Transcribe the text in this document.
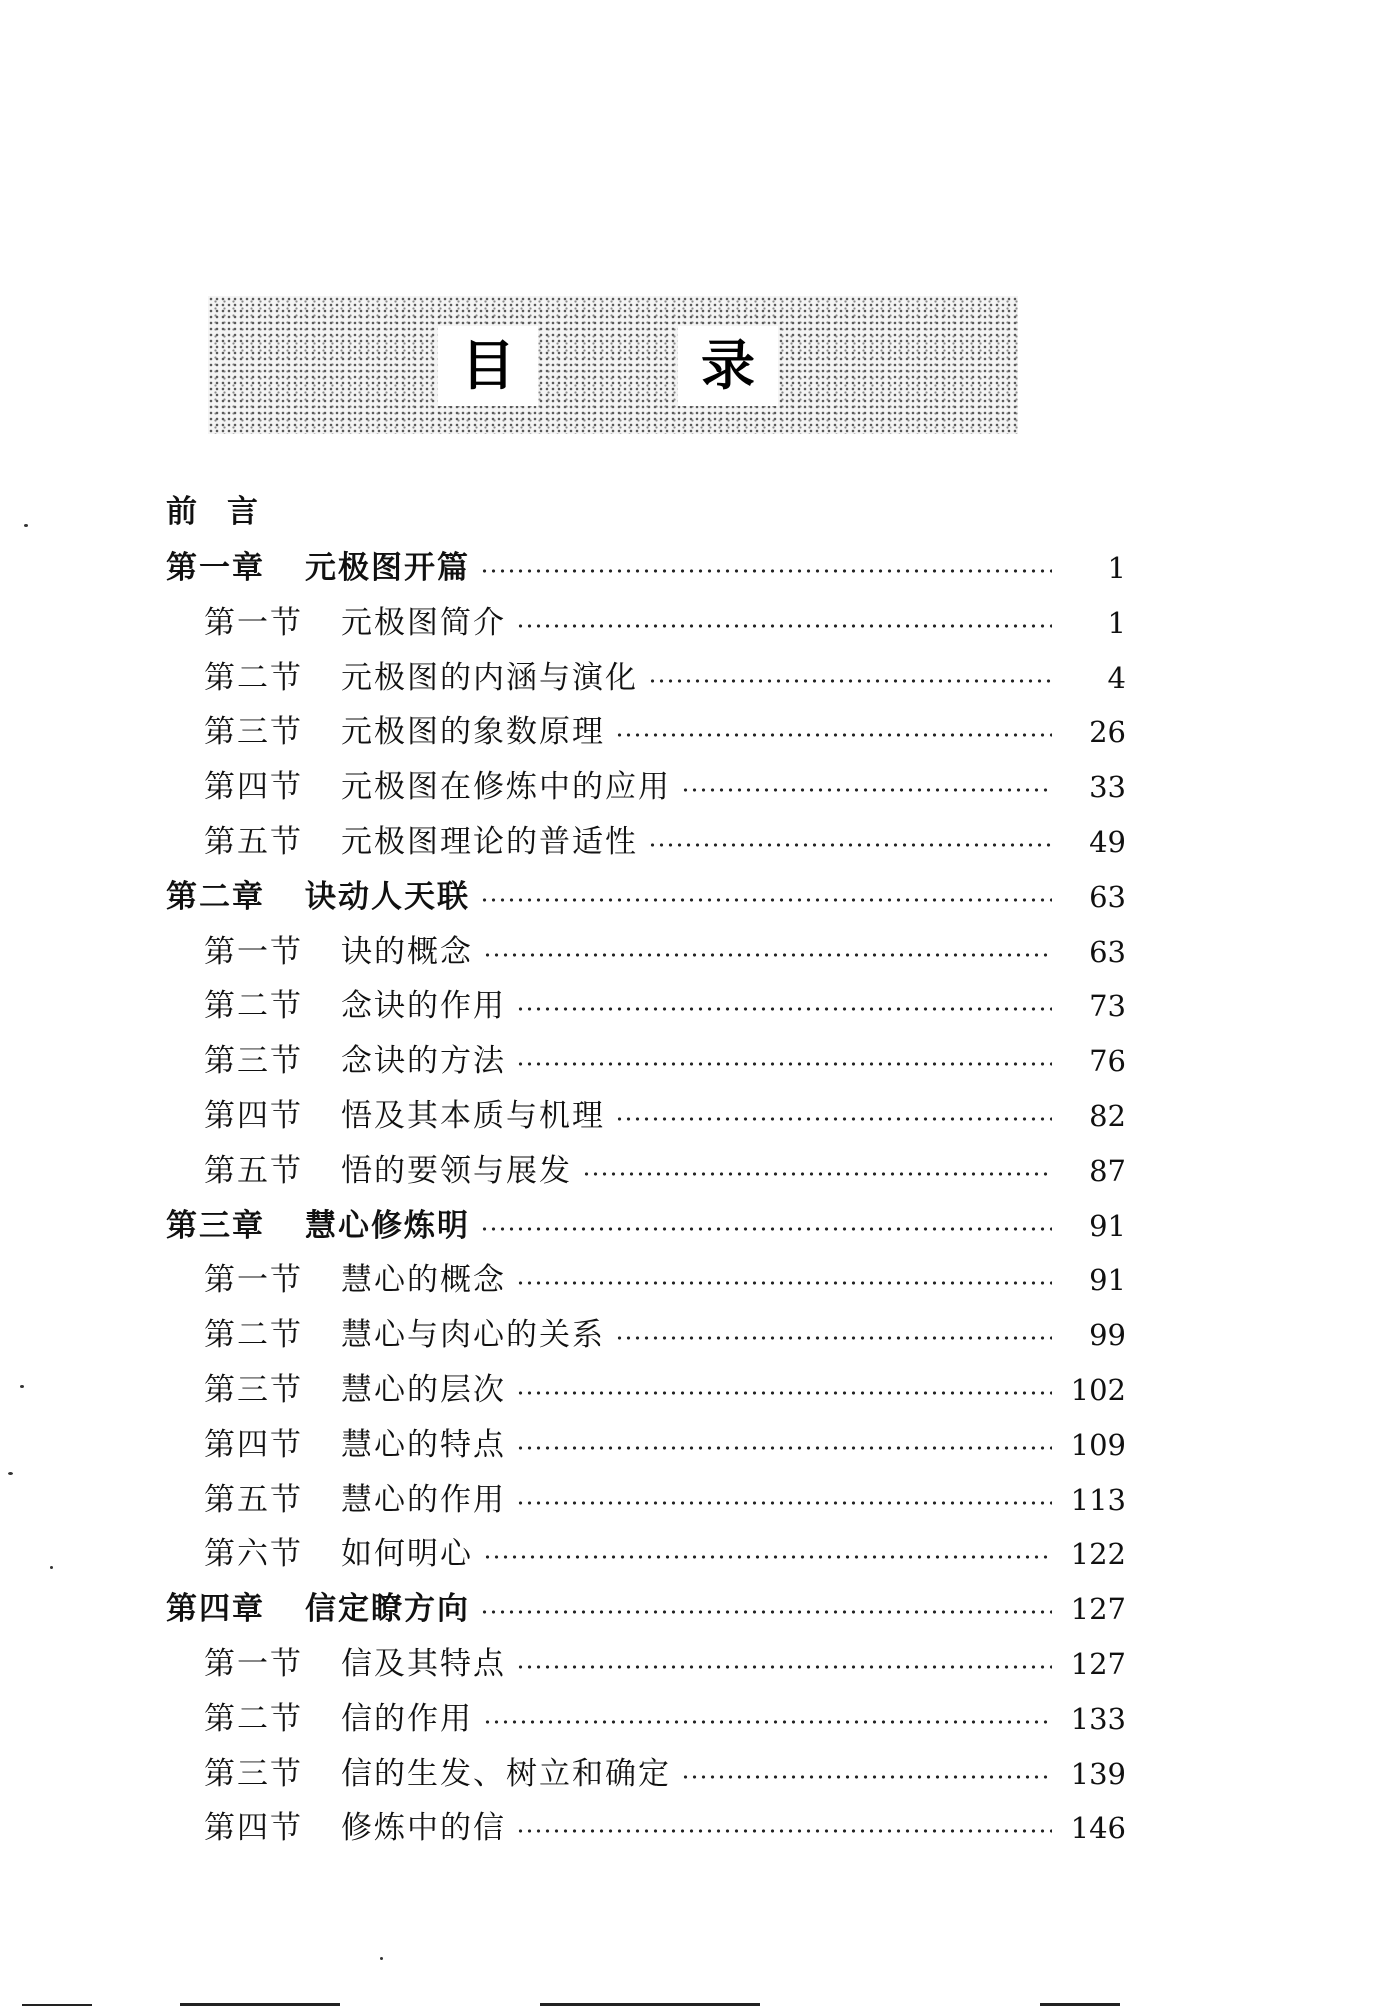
目	录
前言
第一章 元极图开篇	1
第一节 元极图简介	1
第二节 元极图的内涵与演化	4
第三节 元极图的象数原理	26
第四节 元极图在修炼中的应用	33
第五节 元极图理论的普适性	49
第二章 诀动人天联	63
第一节 诀的概念	63
第二节 念诀的作用	73
第三节 念诀的方法	76
第四节 悟及其本质与机理	82
第五节 悟的要领与展发	87
第三章 慧心修炼明	91
第一节 慧心的概念	91
第二节 慧心与肉心的关系	99
第三节 慧心的层次	102
第四节 慧心的特点	109
第五节 慧心的作用	113
第六节 如何明心	122
第四章 信定瞭方向	127
第一节 信及其特点	127
第二节 信的作用	133
第三节 信的生发、树立和确定	139
第四节 修炼中的信	146
